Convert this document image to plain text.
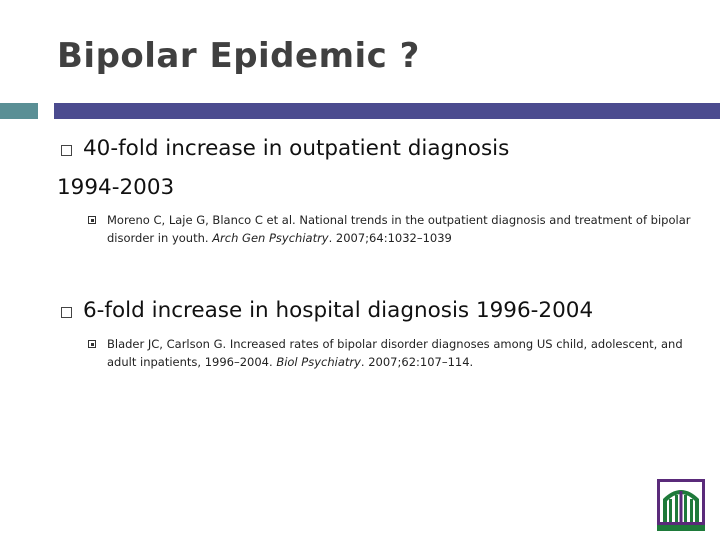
Bipolar Epidemic ?
40-fold increase in outpatient diagnosis
1994-2003
Moreno C, Laje G, Blanco C et al. National trends in the outpatient diagnosis and treatment of bipolar disorder in youth. Arch Gen Psychiatry. 2007;64:1032–1039
6-fold increase in hospital diagnosis 1996-2004
Blader JC, Carlson G. Increased rates of bipolar disorder diagnoses among US child, adolescent, and adult inpatients, 1996–2004. Biol Psychiatry. 2007;62:107–114.
